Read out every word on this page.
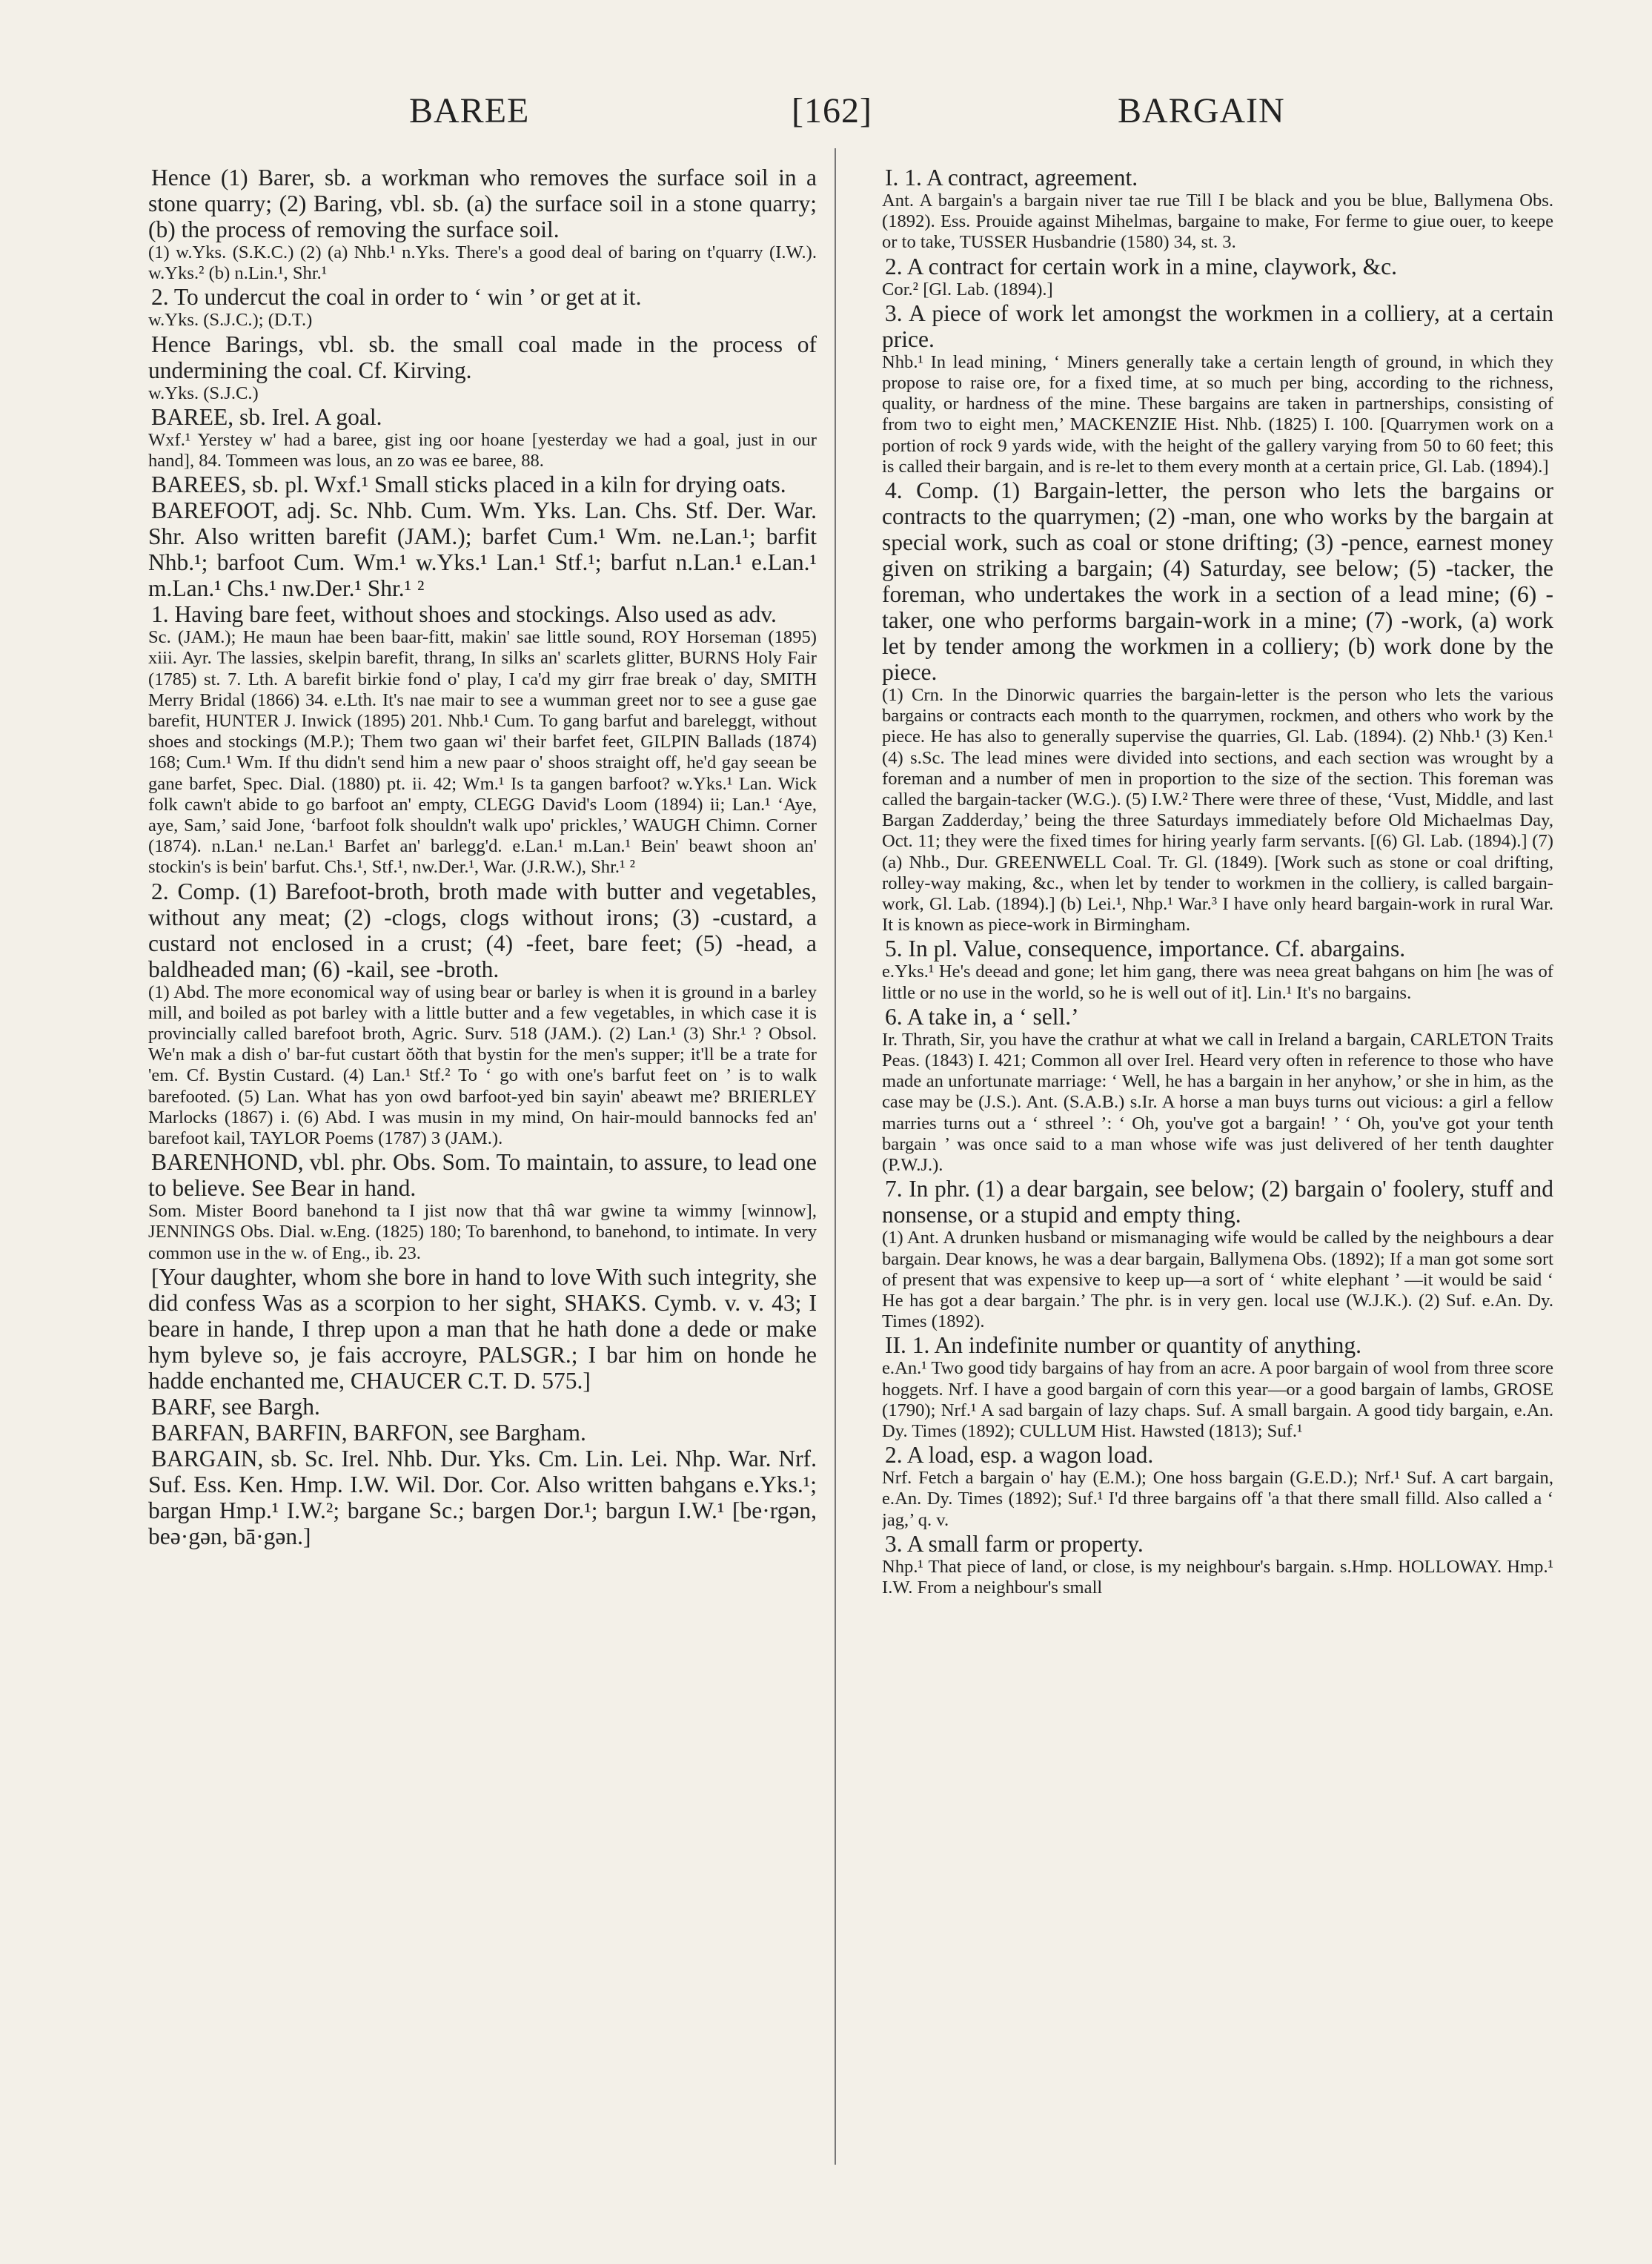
BAREE	[162]	BARGAIN

Hence (1) Barer, sb. a workman who removes the surface soil in a stone quarry; (2) Baring, vbl. sb. (a) the surface soil in a stone quarry; (b) the process of removing the surface soil.

(1) w.Yks. (S.K.C.) (2) (a) Nhb.¹ n.Yks. There's a good deal of baring on t'quarry (I.W.). w.Yks.² (b) n.Lin.¹, Shr.¹

2. To undercut the coal in order to ‘ win ’ or get at it.

w.Yks. (S.J.C.); (D.T.)

Hence Barings, vbl. sb. the small coal made in the process of undermining the coal. Cf. Kirving.

w.Yks. (S.J.C.)

BAREE, sb. Irel. A goal.

Wxf.¹ Yerstey w' had a baree, gist ing oor hoane [yesterday we had a goal, just in our hand], 84. Tommeen was lous, an zo was ee baree, 88.

BAREES, sb. pl. Wxf.¹ Small sticks placed in a kiln for drying oats.

BAREFOOT, adj. Sc. Nhb. Cum. Wm. Yks. Lan. Chs. Stf. Der. War. Shr. Also written barefit (JAM.); barfet Cum.¹ Wm. ne.Lan.¹; barfit Nhb.¹; barfoot Cum. Wm.¹ w.Yks.¹ Lan.¹ Stf.¹; barfut n.Lan.¹ e.Lan.¹ m.Lan.¹ Chs.¹ nw.Der.¹ Shr.¹ ²

1. Having bare feet, without shoes and stockings. Also used as adv.

Sc. (JAM.); He maun hae been baar-fitt, makin' sae little sound, ROY Horseman (1895) xiii. Ayr. The lassies, skelpin barefit, thrang, In silks an' scarlets glitter, BURNS Holy Fair (1785) st. 7. Lth. A barefit birkie fond o' play, I ca'd my girr frae break o' day, SMITH Merry Bridal (1866) 34. e.Lth. It's nae mair to see a wumman greet nor to see a guse gae barefit, HUNTER J. Inwick (1895) 201. Nhb.¹ Cum. To gang barfut and bareleggt, without shoes and stockings (M.P.); Them two gaan wi' their barfet feet, GILPIN Ballads (1874) 168; Cum.¹ Wm. If thu didn't send him a new paar o' shoos straight off, he'd gay seean be gane barfet, Spec. Dial. (1880) pt. ii. 42; Wm.¹ Is ta gangen barfoot? w.Yks.¹ Lan. Wick folk cawn't abide to go barfoot an' empty, CLEGG David's Loom (1894) ii; Lan.¹ ‘Aye, aye, Sam,’ said Jone, ‘barfoot folk shouldn't walk upo' prickles,’ WAUGH Chimn. Corner (1874). n.Lan.¹ ne.Lan.¹ Barfet an' barlegg'd. e.Lan.¹ m.Lan.¹ Bein' beawt shoon an' stockin's is bein' barfut. Chs.¹, Stf.¹, nw.Der.¹, War. (J.R.W.), Shr.¹ ²

2. Comp. (1) Barefoot-broth, broth made with butter and vegetables, without any meat; (2) -clogs, clogs without irons; (3) -custard, a custard not enclosed in a crust; (4) -feet, bare feet; (5) -head, a baldheaded man; (6) -kail, see -broth.

(1) Abd. The more economical way of using bear or barley is when it is ground in a barley mill, and boiled as pot barley with a little butter and a few vegetables, in which case it is provincially called barefoot broth, Agric. Surv. 518 (JAM.). (2) Lan.¹ (3) Shr.¹ ? Obsol. We'n mak a dish o' bar-fut custart ŏŏth that bystin for the men's supper; it'll be a trate for 'em. Cf. Bystin Custard. (4) Lan.¹ Stf.² To ‘ go with one's barfut feet on ’ is to walk barefooted. (5) Lan. What has yon owd barfoot-yed bin sayin' abeawt me? BRIERLEY Marlocks (1867) i. (6) Abd. I was musin in my mind, On hair-mould bannocks fed an' barefoot kail, TAYLOR Poems (1787) 3 (JAM.).

BARENHOND, vbl. phr. Obs. Som. To maintain, to assure, to lead one to believe. See Bear in hand.

Som. Mister Boord banehond ta I jist now that thâ war gwine ta wimmy [winnow], JENNINGS Obs. Dial. w.Eng. (1825) 180; To barenhond, to banehond, to intimate. In very common use in the w. of Eng., ib. 23.

[Your daughter, whom she bore in hand to love With such integrity, she did confess Was as a scorpion to her sight, SHAKS. Cymb. v. v. 43; I beare in hande, I threp upon a man that he hath done a dede or make hym byleve so, je fais accroyre, PALSGR.; I bar him on honde he hadde enchanted me, CHAUCER C.T. D. 575.]

BARF, see Bargh.

BARFAN, BARFIN, BARFON, see Bargham.

BARGAIN, sb. Sc. Irel. Nhb. Dur. Yks. Cm. Lin. Lei. Nhp. War. Nrf. Suf. Ess. Ken. Hmp. I.W. Wil. Dor. Cor. Also written bahgans e.Yks.¹; bargan Hmp.¹ I.W.²; bargane Sc.; bargen Dor.¹; bargun I.W.¹ [be·rgən, beə·gən, bā·gən.]

I. 1. A contract, agreement.

Ant. A bargain's a bargain niver tae rue Till I be black and you be blue, Ballymena Obs. (1892). Ess. Prouide against Mihelmas, bargaine to make, For ferme to giue ouer, to keepe or to take, TUSSER Husbandrie (1580) 34, st. 3.

2. A contract for certain work in a mine, claywork, &c.

Cor.² [Gl. Lab. (1894).]

3. A piece of work let amongst the workmen in a colliery, at a certain price.

Nhb.¹ In lead mining, ‘ Miners generally take a certain length of ground, in which they propose to raise ore, for a fixed time, at so much per bing, according to the richness, quality, or hardness of the mine. These bargains are taken in partnerships, consisting of from two to eight men,’ MACKENZIE Hist. Nhb. (1825) I. 100. [Quarrymen work on a portion of rock 9 yards wide, with the height of the gallery varying from 50 to 60 feet; this is called their bargain, and is re-let to them every month at a certain price, Gl. Lab. (1894).]

4. Comp. (1) Bargain-letter, the person who lets the bargains or contracts to the quarrymen; (2) -man, one who works by the bargain at special work, such as coal or stone drifting; (3) -pence, earnest money given on striking a bargain; (4) Saturday, see below; (5) -tacker, the foreman, who undertakes the work in a section of a lead mine; (6) -taker, one who performs bargain-work in a mine; (7) -work, (a) work let by tender among the workmen in a colliery; (b) work done by the piece.

(1) Crn. In the Dinorwic quarries the bargain-letter is the person who lets the various bargains or contracts each month to the quarrymen, rockmen, and others who work by the piece. He has also to generally supervise the quarries, Gl. Lab. (1894). (2) Nhb.¹ (3) Ken.¹ (4) s.Sc. The lead mines were divided into sections, and each section was wrought by a foreman and a number of men in proportion to the size of the section. This foreman was called the bargain-tacker (W.G.). (5) I.W.² There were three of these, ‘Vust, Middle, and last Bargan Zadderday,’ being the three Saturdays immediately before Old Michaelmas Day, Oct. 11; they were the fixed times for hiring yearly farm servants. [(6) Gl. Lab. (1894).] (7) (a) Nhb., Dur. GREENWELL Coal. Tr. Gl. (1849). [Work such as stone or coal drifting, rolley-way making, &c., when let by tender to workmen in the colliery, is called bargain-work, Gl. Lab. (1894).] (b) Lei.¹, Nhp.¹ War.³ I have only heard bargain-work in rural War. It is known as piece-work in Birmingham.

5. In pl. Value, consequence, importance. Cf. abargains.

e.Yks.¹ He's deead and gone; let him gang, there was neea great bahgans on him [he was of little or no use in the world, so he is well out of it]. Lin.¹ It's no bargains.

6. A take in, a ‘ sell.’

Ir. Thrath, Sir, you have the crathur at what we call in Ireland a bargain, CARLETON Traits Peas. (1843) I. 421; Common all over Irel. Heard very often in reference to those who have made an unfortunate marriage: ‘ Well, he has a bargain in her anyhow,’ or she in him, as the case may be (J.S.). Ant. (S.A.B.) s.Ir. A horse a man buys turns out vicious: a girl a fellow marries turns out a ‘ sthreel ’: ‘ Oh, you've got a bargain! ’ ‘ Oh, you've got your tenth bargain ’ was once said to a man whose wife was just delivered of her tenth daughter (P.W.J.).

7. In phr. (1) a dear bargain, see below; (2) bargain o' foolery, stuff and nonsense, or a stupid and empty thing.

(1) Ant. A drunken husband or mismanaging wife would be called by the neighbours a dear bargain. Dear knows, he was a dear bargain, Ballymena Obs. (1892); If a man got some sort of present that was expensive to keep up—a sort of ‘ white elephant ’ —it would be said ‘ He has got a dear bargain.’ The phr. is in very gen. local use (W.J.K.). (2) Suf. e.An. Dy. Times (1892).

II. 1. An indefinite number or quantity of anything.

e.An.¹ Two good tidy bargains of hay from an acre. A poor bargain of wool from three score hoggets. Nrf. I have a good bargain of corn this year—or a good bargain of lambs, GROSE (1790); Nrf.¹ A sad bargain of lazy chaps. Suf. A small bargain. A good tidy bargain, e.An. Dy. Times (1892); CULLUM Hist. Hawsted (1813); Suf.¹

2. A load, esp. a wagon load.

Nrf. Fetch a bargain o' hay (E.M.); One hoss bargain (G.E.D.); Nrf.¹ Suf. A cart bargain, e.An. Dy. Times (1892); Suf.¹ I'd three bargains off 'a that there small filld. Also called a ‘ jag,’ q. v.

3. A small farm or property.

Nhp.¹ That piece of land, or close, is my neighbour's bargain. s.Hmp. HOLLOWAY. Hmp.¹ I.W. From a neighbour's small
